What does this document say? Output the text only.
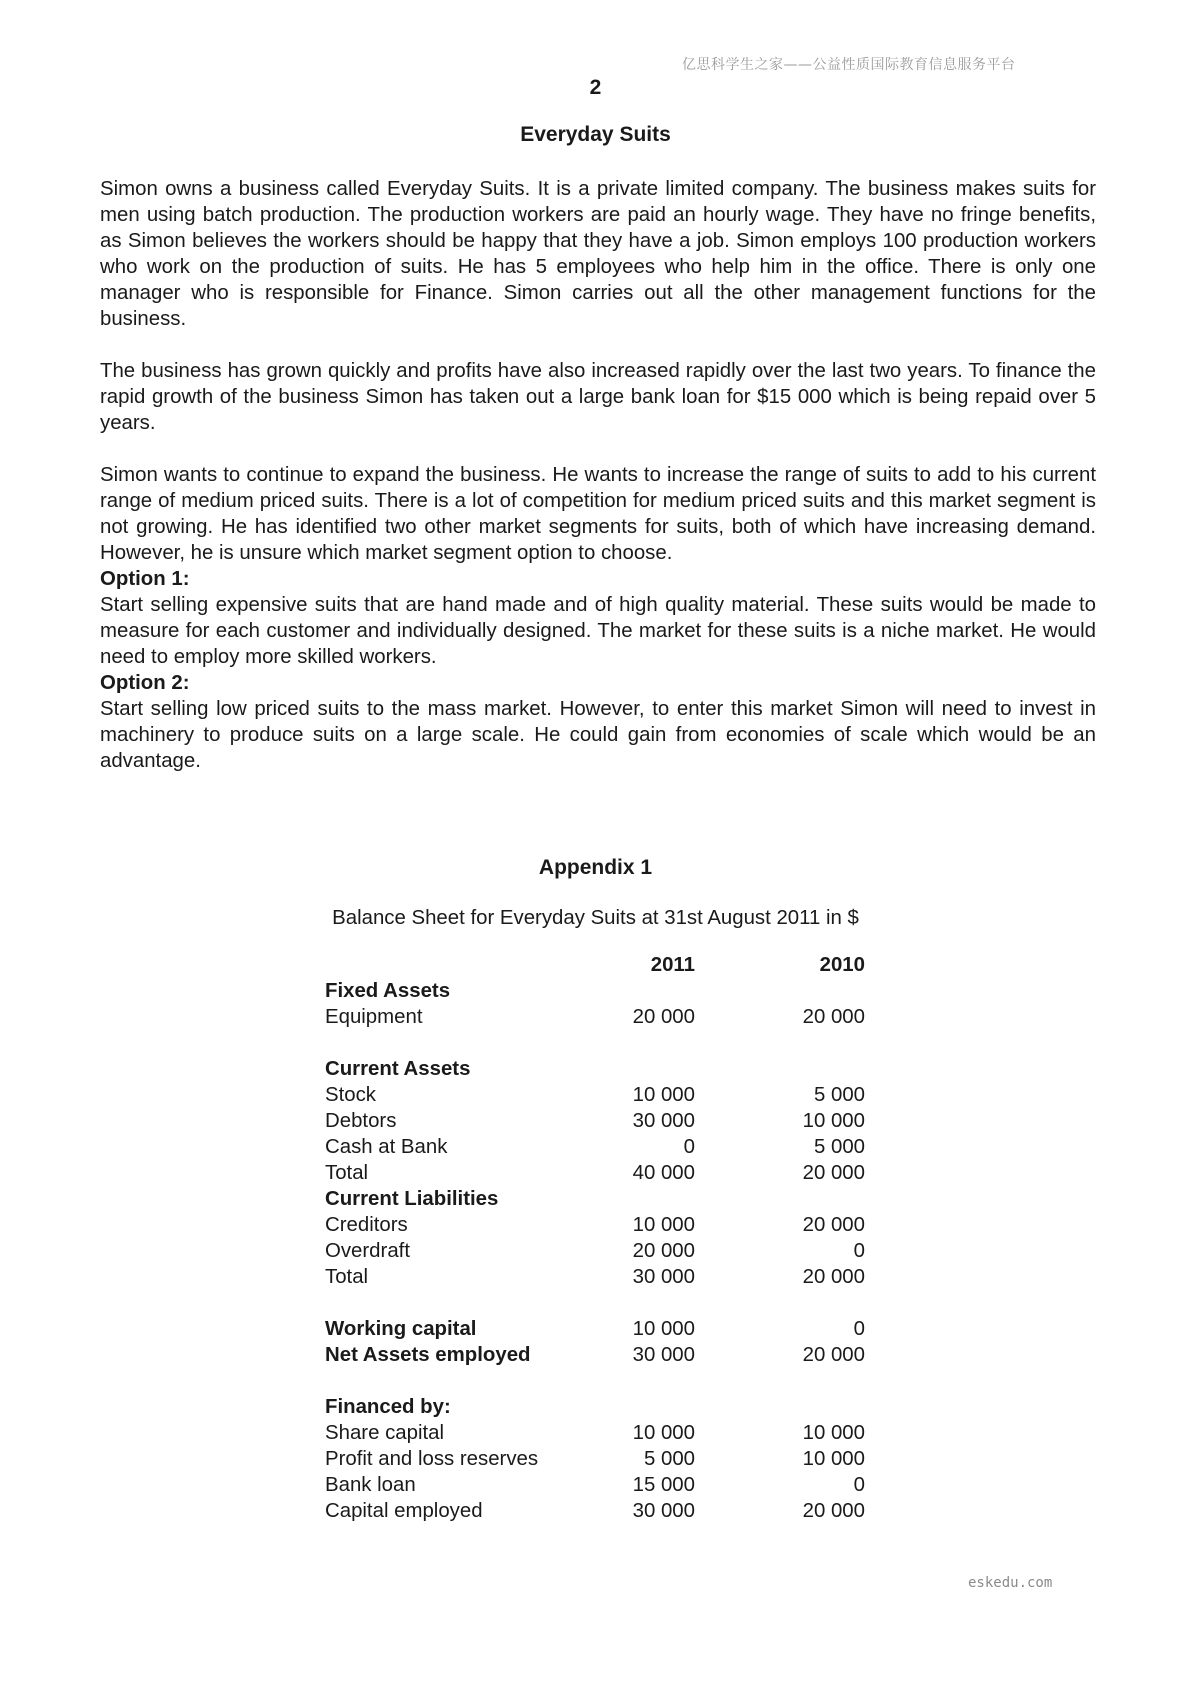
亿思科学生之家——公益性质国际教育信息服务平台
2
Everyday Suits

Simon owns a business called Everyday Suits. It is a private limited company. The business makes suits for men using batch production. The production workers are paid an hourly wage. They have no fringe benefits, as Simon believes the workers should be happy that they have a job. Simon employs 100 production workers who work on the production of suits. He has 5 employees who help him in the office. There is only one manager who is responsible for Finance. Simon carries out all the other management functions for the business.

The business has grown quickly and profits have also increased rapidly over the last two years. To finance the rapid growth of the business Simon has taken out a large bank loan for $15 000 which is being repaid over 5 years.

Simon wants to continue to expand the business. He wants to increase the range of suits to add to his current range of medium priced suits. There is a lot of competition for medium priced suits and this market segment is not growing. He has identified two other market segments for suits, both of which have increasing demand. However, he is unsure which market segment option to choose.

Option 1:

Start selling expensive suits that are hand made and of high quality material. These suits would be made to measure for each customer and individually designed. The market for these suits is a niche market. He would need to employ more skilled workers.

Option 2:

Start selling low priced suits to the mass market. However, to enter this market Simon will need to invest in machinery to produce suits on a large scale. He could gain from economies of scale which would be an advantage.

Appendix 1
Balance Sheet for Everyday Suits at 31st August 2011 in $
	2011		2010
Fixed Assets			
Equipment	20 000		20 000

Current Assets			
Stock	10 000		5 000
Debtors	30 000		10 000
Cash at Bank	0		5 000
Total	40 000		20 000
Current Liabilities			
Creditors	10 000		20 000
Overdraft	20 000		0
Total	30 000		20 000

Working capital	10 000		0
Net Assets employed	30 000		20 000

Financed by:			
Share capital	10 000		10 000
Profit and loss reserves	5 000		10 000
Bank loan	15 000		0
Capital employed	30 000		20 000
eskedu.com
